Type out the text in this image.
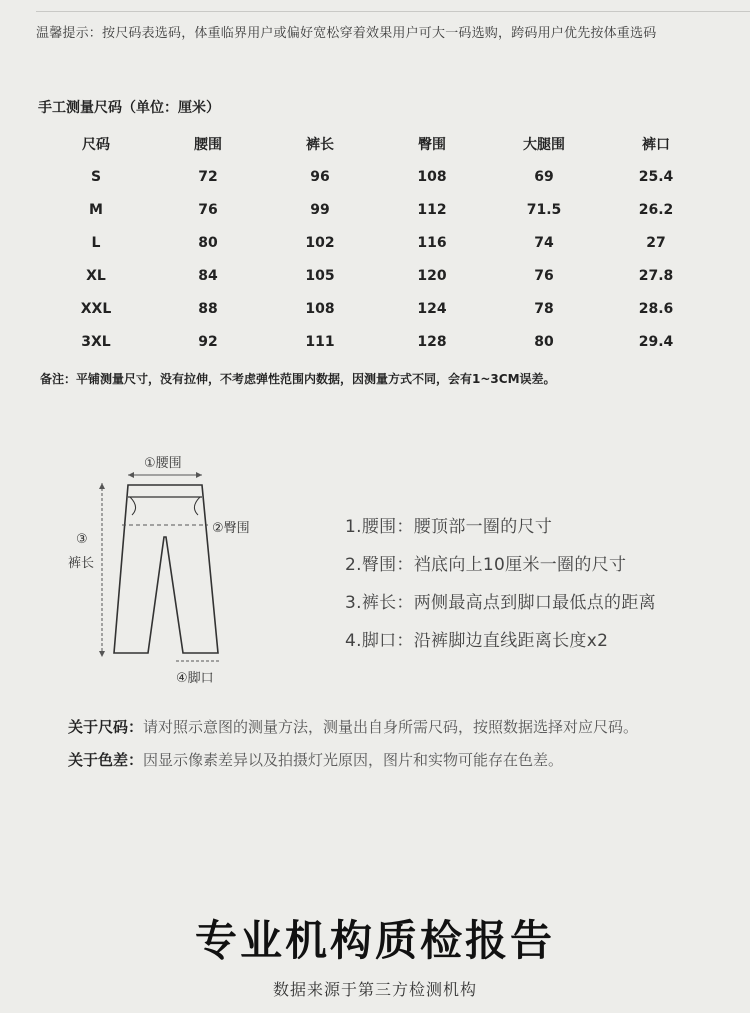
温馨提示：按尺码表选码，体重临界用户或偏好宽松穿着效果用户可大一码选购，跨码用户优先按体重选码
手工测量尺码（单位：厘米）
尺码	腰围	裤长	臀围	大腿围	裤口
S	72	96	108	69	25.4
M	76	99	112	71.5	26.2
L	80	102	116	74	27
XL	84	105	120	76	27.8
XXL	88	108	124	78	28.6
3XL	92	111	128	80	29.4
备注：平铺测量尺寸，没有拉伸，不考虑弹性范围内数据，因测量方式不同，会有1~3CM误差。
①腰围
②臀围
③
裤长
④脚口
1.腰围：腰顶部一圈的尺寸
2.臀围：裆底向上10厘米一圈的尺寸
3.裤长：两侧最高点到脚口最低点的距离
4.脚口：沿裤脚边直线距离长度x2
关于尺码：请对照示意图的测量方法，测量出自身所需尺码，按照数据选择对应尺码。
关于色差：因显示像素差异以及拍摄灯光原因，图片和实物可能存在色差。
专业机构质检报告
数据来源于第三方检测机构
